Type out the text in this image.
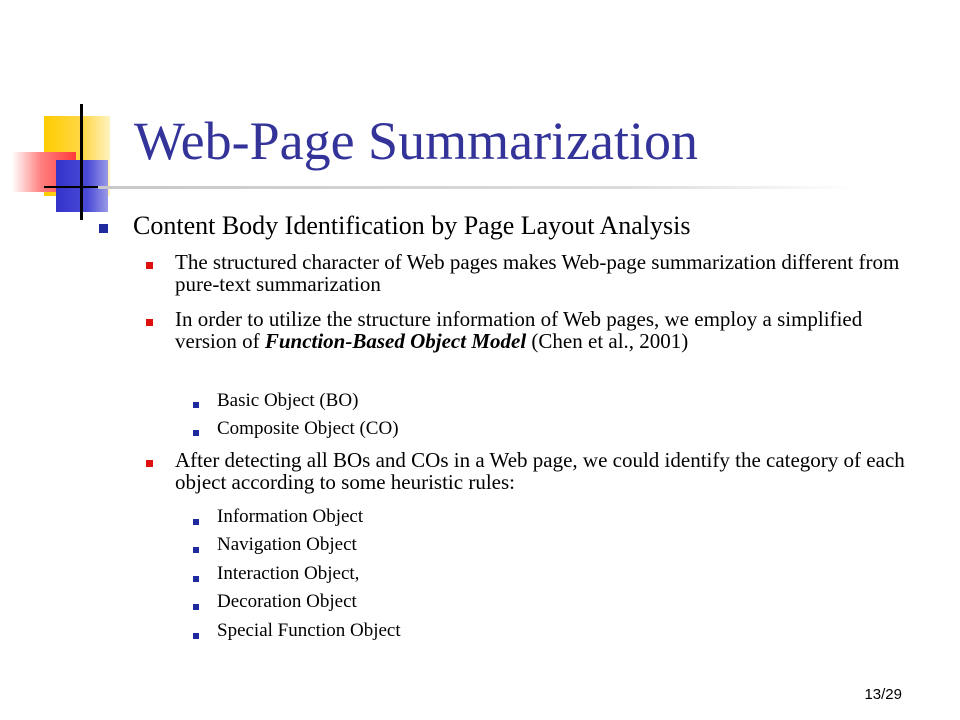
Web-Page Summarization
Content Body Identification by Page Layout Analysis
The structured character of Web pages makes Web-page summarization different from pure-text summarization
In order to utilize the structure information of Web pages, we employ a simplified version of Function-Based Object Model (Chen et al., 2001)
Basic Object (BO)
Composite Object (CO)
After detecting all BOs and COs in a Web page, we could identify the category of each object according to some heuristic rules:
Information Object
Navigation Object
Interaction Object,
Decoration Object
Special Function Object
13/29
